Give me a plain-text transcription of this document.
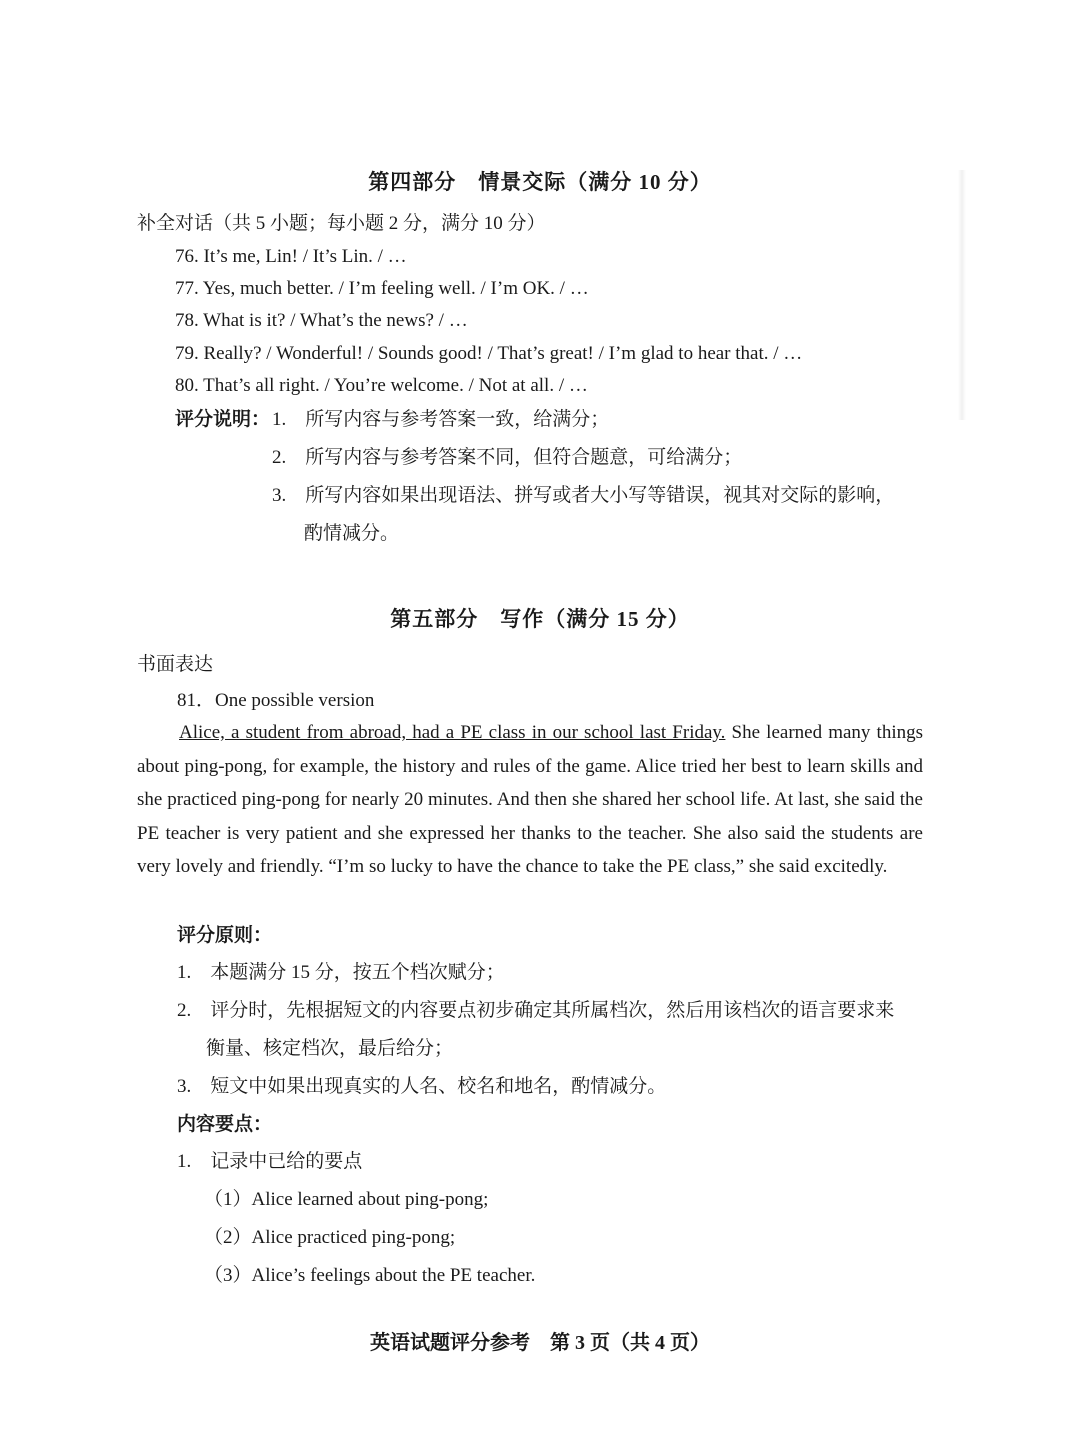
第四部分　情景交际（满分 10 分）
补全对话（共 5 小题；每小题 2 分，满分 10 分）
76. It’s me, Lin! / It’s Lin. / …
77. Yes, much better. / I’m feeling well. / I’m OK. / …
78. What is it? / What’s the news? / …
79. Really? / Wonderful! / Sounds good! / That’s great! / I’m glad to hear that. / …
80. That’s all right. / You’re welcome. / Not at all. / …
评分说明： 1.　所写内容与参考答案一致，给满分；
2.　所写内容与参考答案不同，但符合题意，可给满分；
3.　所写内容如果出现语法、拼写或者大小写等错误，视其对交际的影响，
酌情减分。
第五部分　写作（满分 15 分）
书面表达
81．One possible version
Alice, a student from abroad, had a PE class in our school last Friday. She learned many things about ping-pong, for example, the history and rules of the game. Alice tried her best to learn skills and she practiced ping-pong for nearly 20 minutes. And then she shared her school life. At last, she said the PE teacher is very patient and she expressed her thanks to the teacher. She also said the students are very lovely and friendly. “I’m so lucky to have the chance to take the PE class,” she said excitedly.
评分原则：
1.　本题满分 15 分，按五个档次赋分；
2.　评分时，先根据短文的内容要点初步确定其所属档次，然后用该档次的语言要求来
衡量、核定档次，最后给分；
3.　短文中如果出现真实的人名、校名和地名，酌情减分。
内容要点：
1.　记录中已给的要点
（1）Alice learned about ping-pong;
（2）Alice practiced ping-pong;
（3）Alice’s feelings about the PE teacher.
英语试题评分参考　第 3 页（共 4 页）
